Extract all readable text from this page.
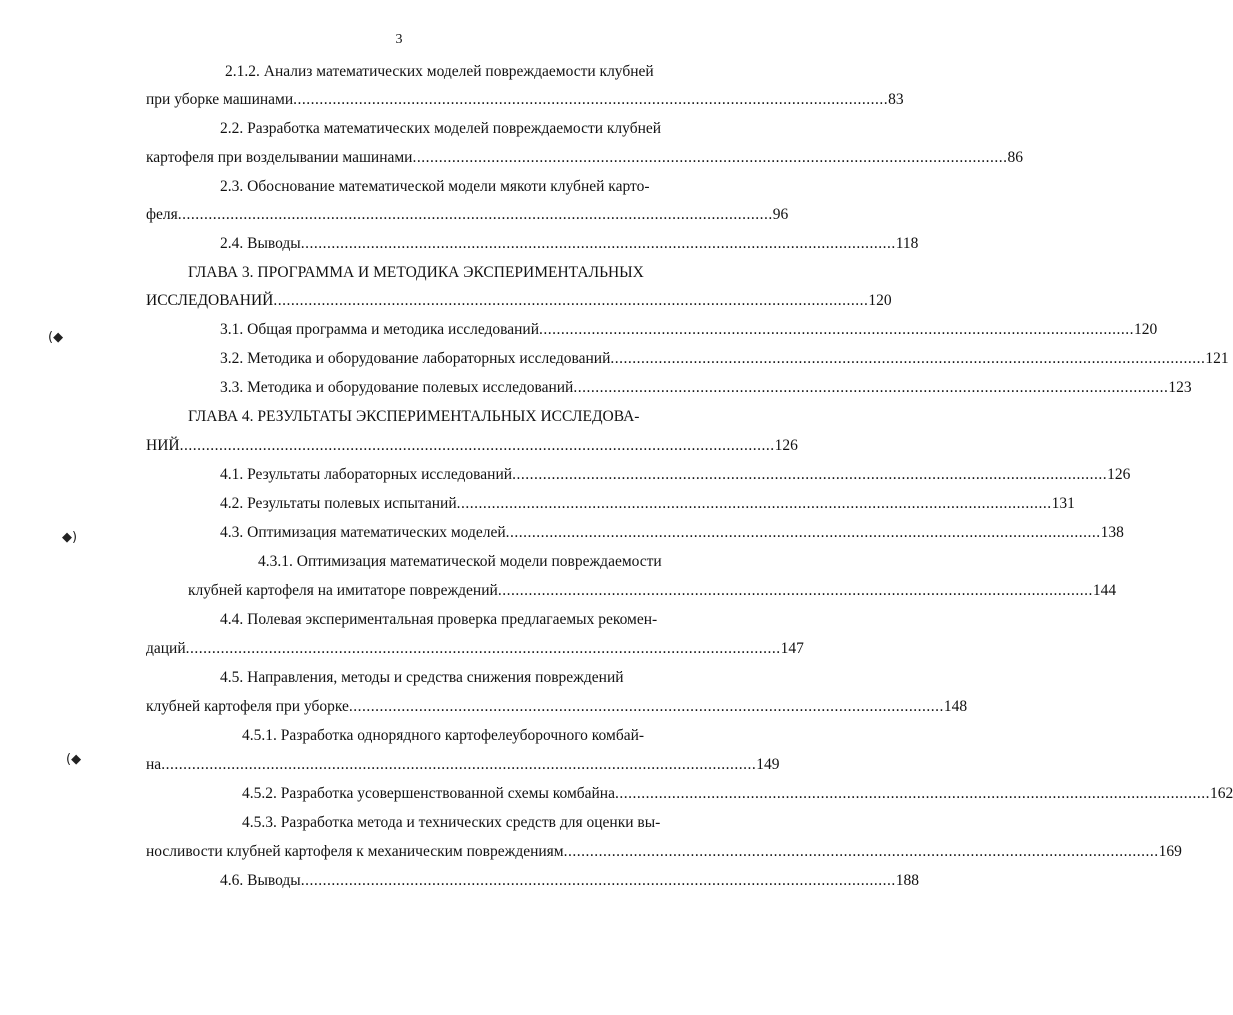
3
(◆
◆)
(◆
2.1.2. Анализ математических моделей повреждаемости клубней
при уборке машинами ........................................................................................................................................ 83
2.2. Разработка математических моделей повреждаемости клубней
картофеля при возделывании машинами ........................................................................................................................................ 86
2.3. Обоснование математической модели мякоти клубней карто-
феля ........................................................................................................................................ 96
2.4. Выводы ........................................................................................................................................ 118
ГЛАВА 3. ПРОГРАММА И МЕТОДИКА ЭКСПЕРИМЕНТАЛЬНЫХ
ИССЛЕДОВАНИЙ ........................................................................................................................................ 120
3.1. Общая программа и методика исследований ........................................................................................................................................ 120
3.2. Методика и оборудование лабораторных исследований ........................................................................................................................................ 121
3.3. Методика и оборудование полевых исследований ........................................................................................................................................ 123
ГЛАВА 4. РЕЗУЛЬТАТЫ ЭКСПЕРИМЕНТАЛЬНЫХ ИССЛЕДОВА-
НИЙ ........................................................................................................................................ 126
4.1. Результаты лабораторных исследований ........................................................................................................................................ 126
4.2. Результаты полевых испытаний ........................................................................................................................................ 131
4.3. Оптимизация математических моделей ........................................................................................................................................ 138
4.3.1. Оптимизация математической модели повреждаемости
клубней картофеля на имитаторе повреждений ........................................................................................................................................ 144
4.4. Полевая экспериментальная проверка предлагаемых рекомен-
даций ........................................................................................................................................ 147
4.5. Направления, методы и средства снижения повреждений
клубней картофеля при уборке ........................................................................................................................................ 148
4.5.1. Разработка однорядного картофелеуборочного комбай-
на ........................................................................................................................................ 149
4.5.2. Разработка усовершенствованной схемы комбайна ........................................................................................................................................ 162
4.5.3. Разработка метода и технических средств для оценки вы-
носливости клубней картофеля к механическим повреждениям ........................................................................................................................................ 169
4.6. Выводы ........................................................................................................................................ 188
